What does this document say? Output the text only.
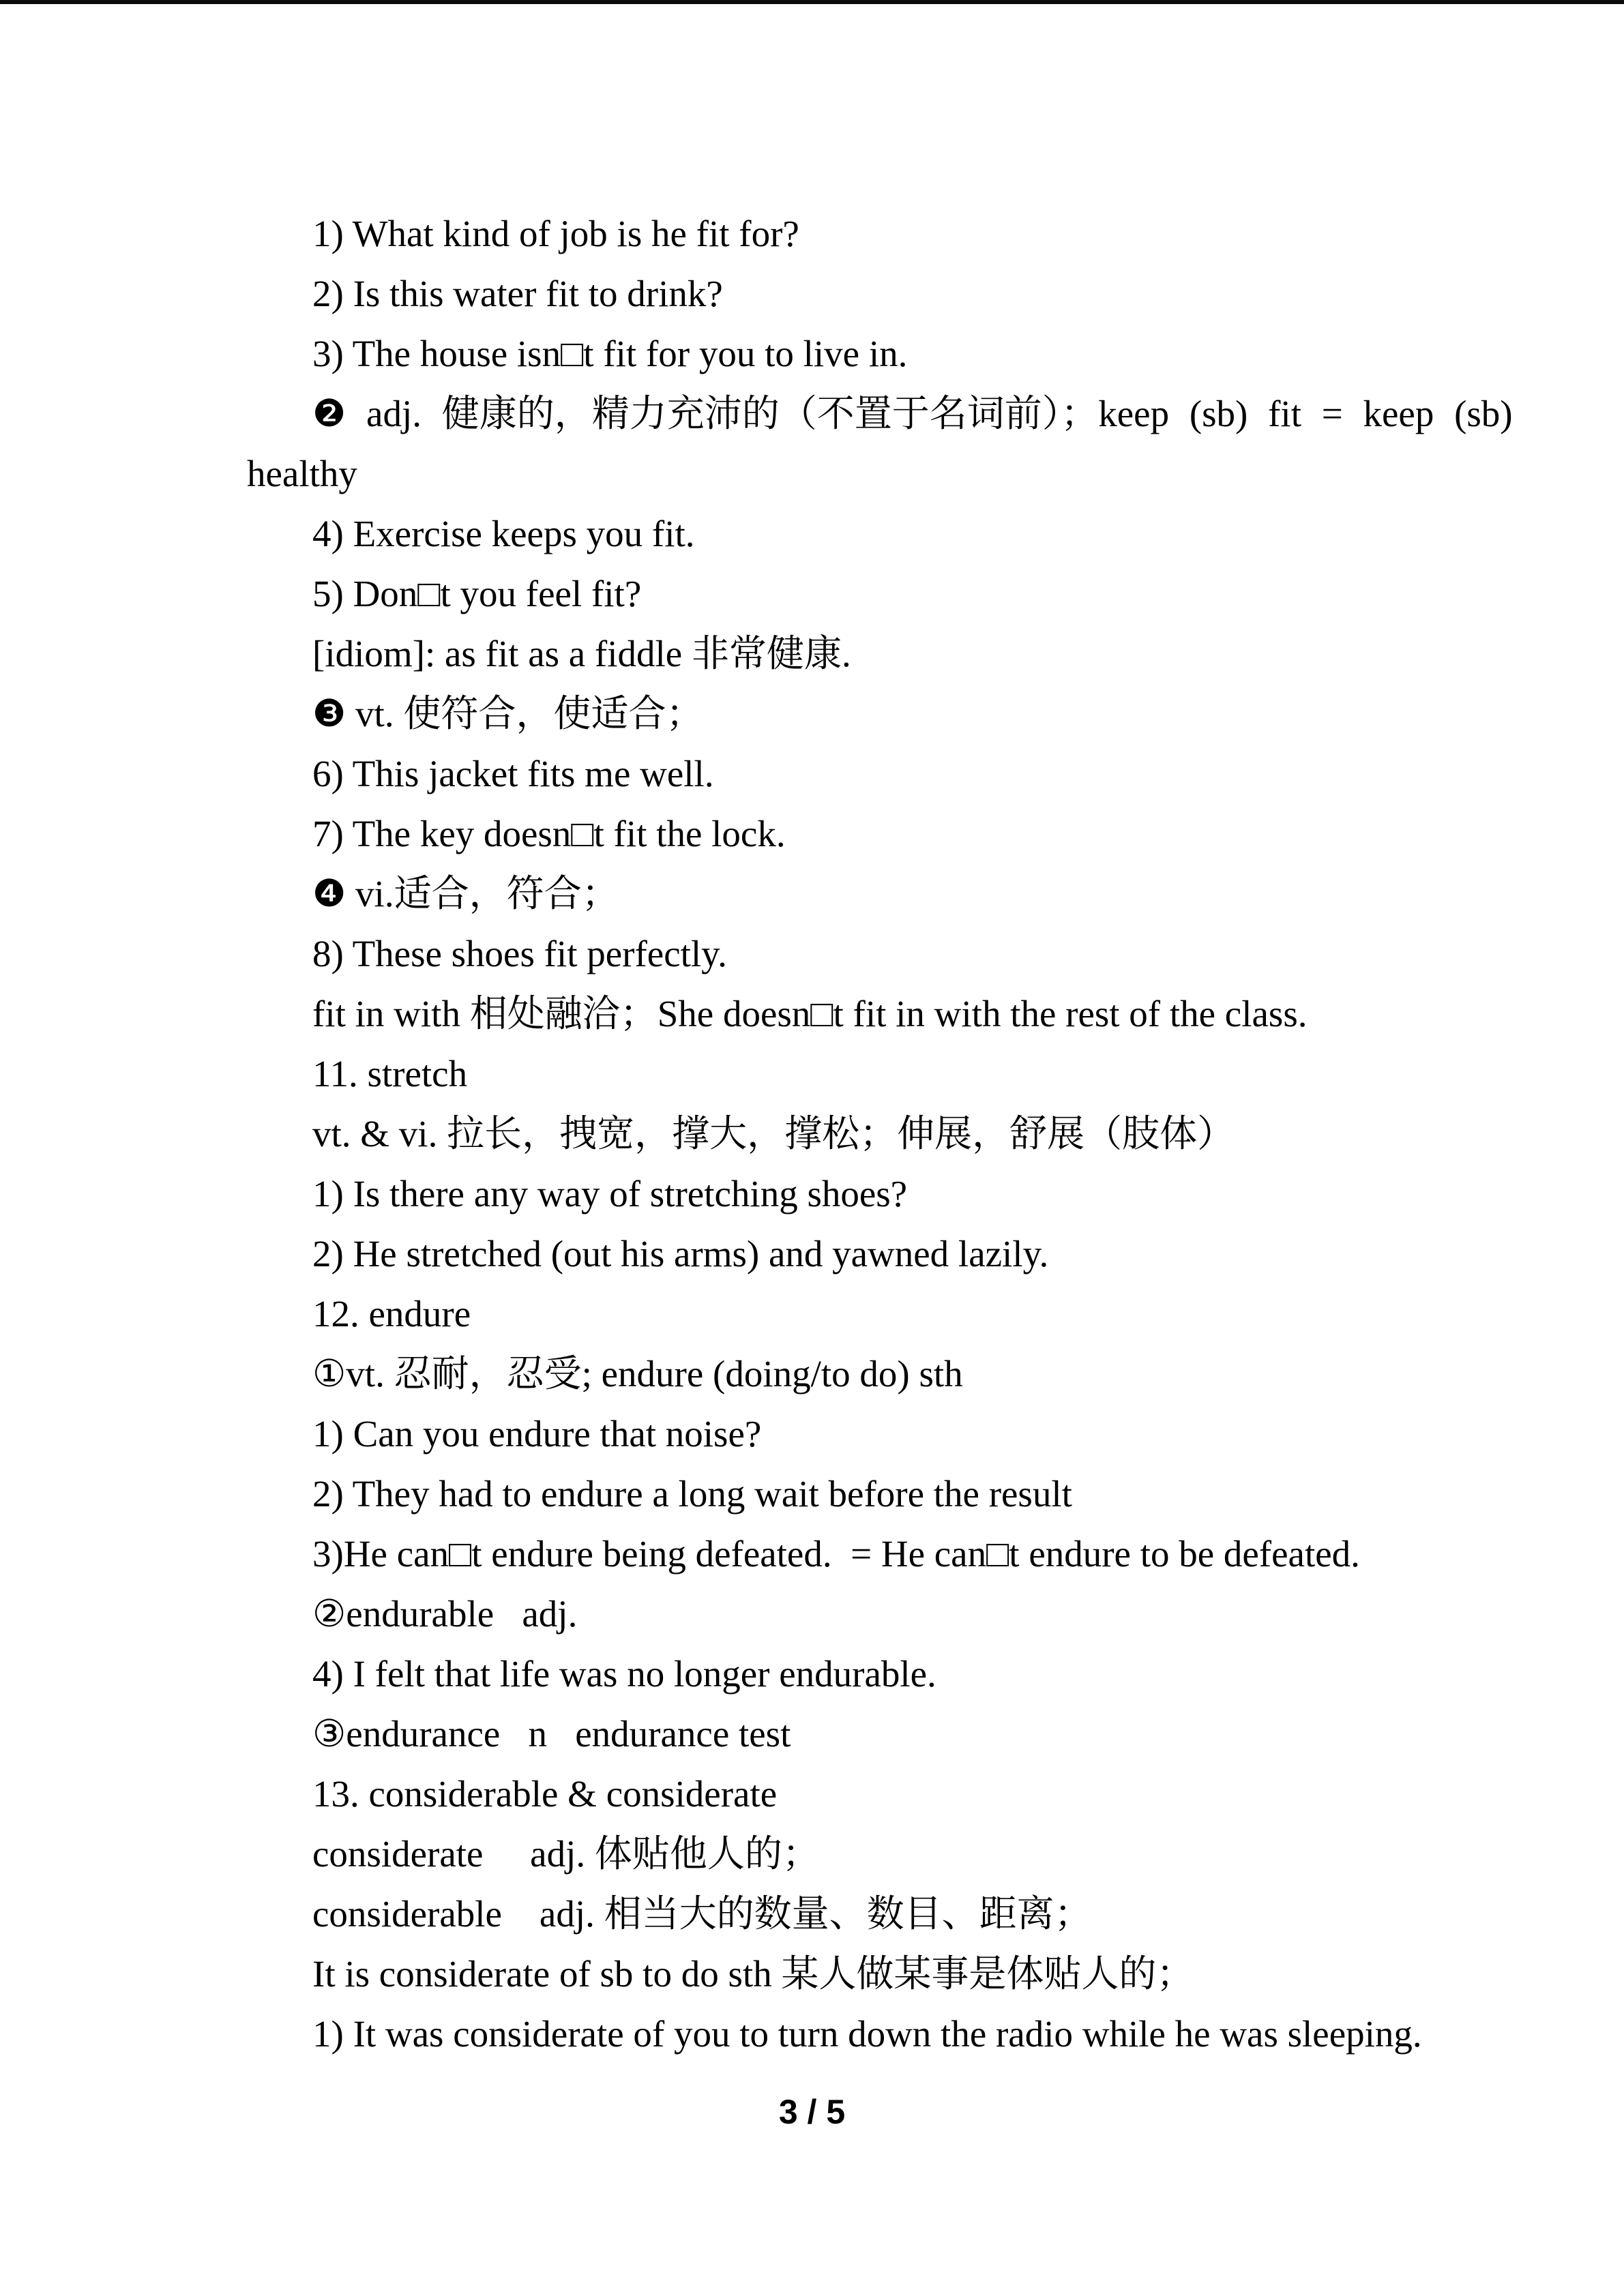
1) What kind of job is he fit for?
2) Is this water fit to drink?
3) The house isn□t fit for you to live in.
❷ adj. 健康的，精力充沛的（不置于名词前）；keep (sb) fit = keep (sb)
healthy
4) Exercise keeps you fit.
5) Don□t you feel fit?
[idiom]: as fit as a fiddle 非常健康.
❸ vt. 使符合，使适合；
6) This jacket fits me well.
7) The key doesn□t fit the lock.
❹ vi.适合，符合；
8) These shoes fit perfectly.
fit in with 相处融洽；She doesn□t fit in with the rest of the class.
11. stretch
vt. & vi. 拉长，拽宽，撑大，撑松；伸展，舒展（肢体）
1) Is there any way of stretching shoes?
2) He stretched (out his arms) and yawned lazily.
12. endure
①vt. 忍耐，忍受; endure (doing/to do) sth
1) Can you endure that noise?
2) They had to endure a long wait before the result
3)He can□t endure being defeated.  = He can□t endure to be defeated.
②endurable   adj.
4) I felt that life was no longer endurable.
③endurance   n   endurance test
13. considerable & considerate
considerate     adj. 体贴他人的；
considerable    adj. 相当大的数量、数目、距离；
It is considerate of sb to do sth 某人做某事是体贴人的；
1) It was considerate of you to turn down the radio while he was sleeping.
3 / 5
